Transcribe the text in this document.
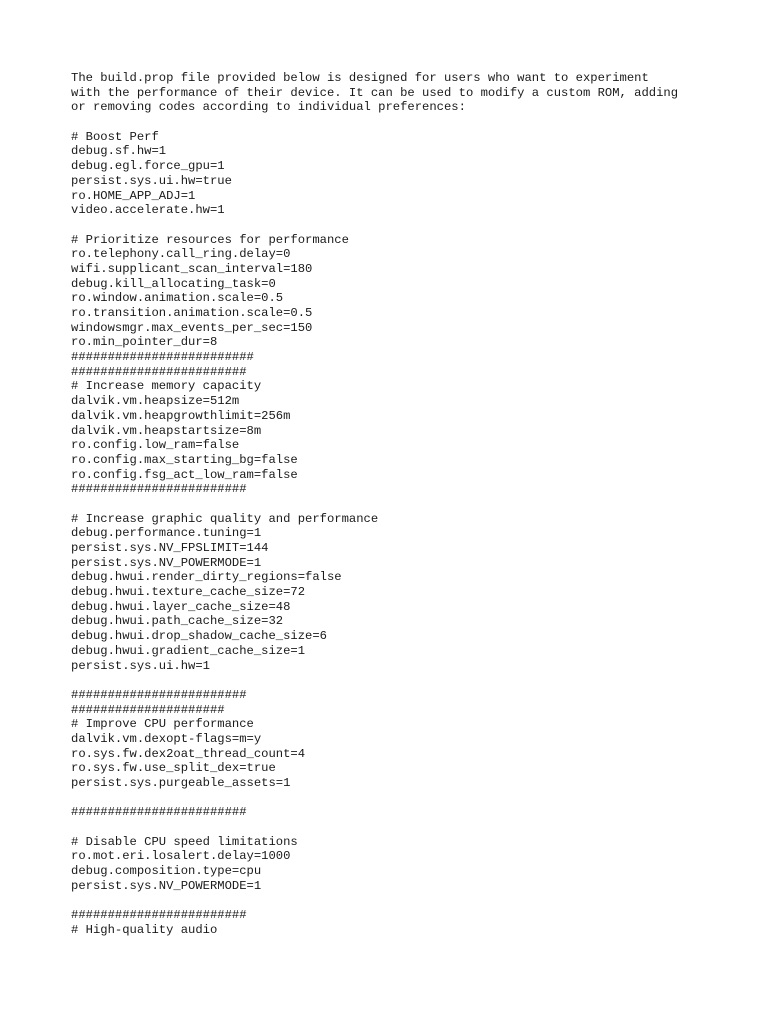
The build.prop file provided below is designed for users who want to experiment
with the performance of their device. It can be used to modify a custom ROM, adding
or removing codes according to individual preferences:
# Boost Perf
debug.sf.hw=1
debug.egl.force_gpu=1
persist.sys.ui.hw=true
ro.HOME_APP_ADJ=1
video.accelerate.hw=1
# Prioritize resources for performance
ro.telephony.call_ring.delay=0
wifi.supplicant_scan_interval=180
debug.kill_allocating_task=0
ro.window.animation.scale=0.5
ro.transition.animation.scale=0.5
windowsmgr.max_events_per_sec=150
ro.min_pointer_dur=8
#########################
########################
# Increase memory capacity
dalvik.vm.heapsize=512m
dalvik.vm.heapgrowthlimit=256m
dalvik.vm.heapstartsize=8m
ro.config.low_ram=false
ro.config.max_starting_bg=false
ro.config.fsg_act_low_ram=false
########################
# Increase graphic quality and performance
debug.performance.tuning=1
persist.sys.NV_FPSLIMIT=144
persist.sys.NV_POWERMODE=1
debug.hwui.render_dirty_regions=false
debug.hwui.texture_cache_size=72
debug.hwui.layer_cache_size=48
debug.hwui.path_cache_size=32
debug.hwui.drop_shadow_cache_size=6
debug.hwui.gradient_cache_size=1
persist.sys.ui.hw=1
########################
#####################
# Improve CPU performance
dalvik.vm.dexopt-flags=m=y
ro.sys.fw.dex2oat_thread_count=4
ro.sys.fw.use_split_dex=true
persist.sys.purgeable_assets=1
########################
# Disable CPU speed limitations
ro.mot.eri.losalert.delay=1000
debug.composition.type=cpu
persist.sys.NV_POWERMODE=1
########################
# High-quality audio
